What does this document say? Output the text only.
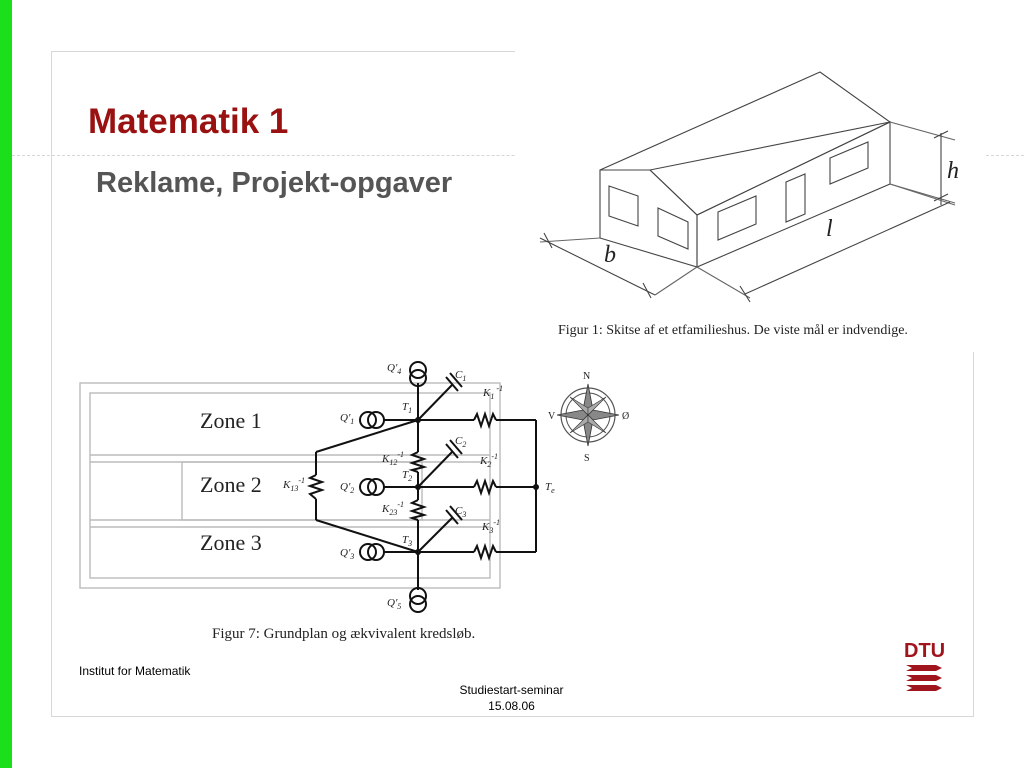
Matematik 1
Reklame, Projekt-opgaver	h
l
b
Figur 1: Skitse af et etfamilieshus. De viste mål er indvendige.
Zone 1
Zone 2
Zone 3
$Q'_4$	$C_1$
$T_1$
$K_1$ $^{-1}$
$Q'_1$
$C_2$
$K_{12}^{-1}$
$K_2^{-1}$
$T_2$
$K_{13}^{-1}$
$Q'_2$	$T_e$
$K_{23}^{-1}$
$C_3$
$K_3^{-1}$
$T_3$
$Q'_3$
$Q'_5$
Figur 7: Grundplan og ækvivalent kredsløb.
N
S
V	Ø
Institut for Matematik
Studiestart-seminar
15.08.06
DTU
